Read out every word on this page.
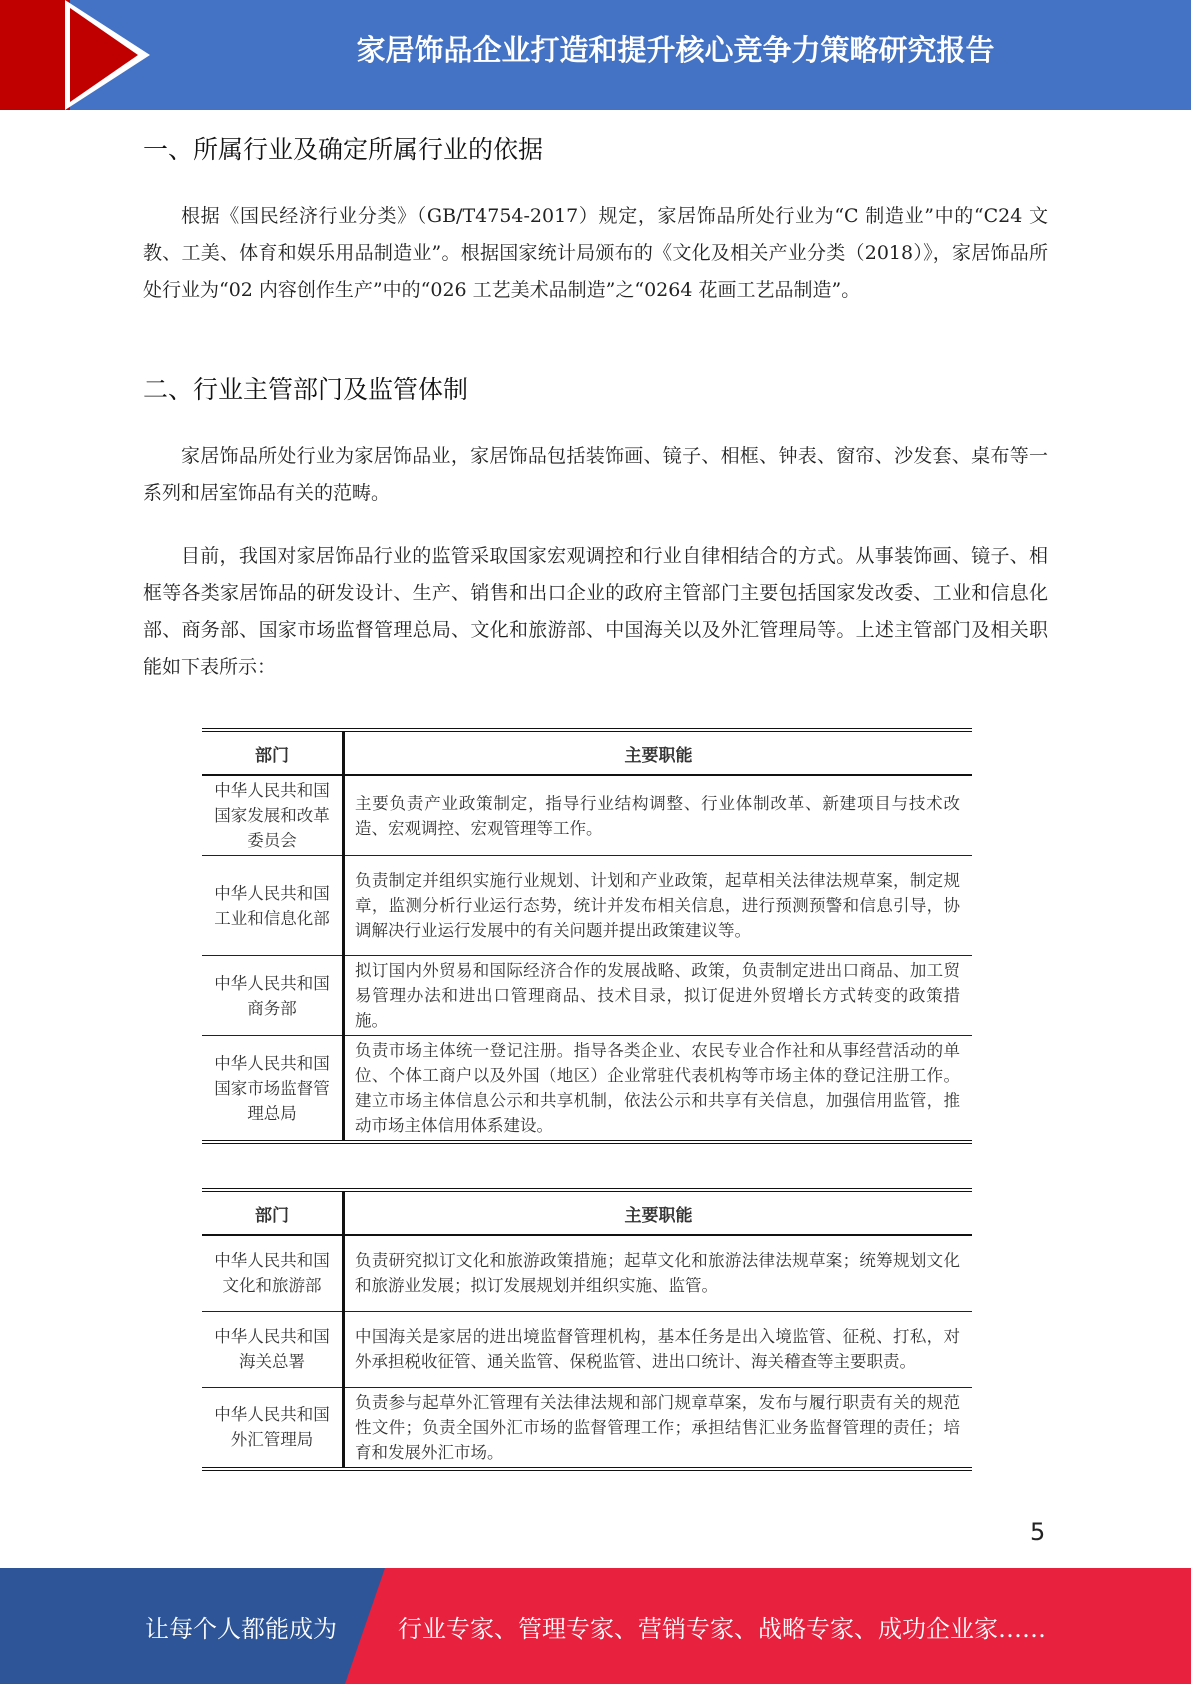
家居饰品企业打造和提升核心竞争力策略研究报告
一、所属行业及确定所属行业的依据

根据《国民经济行业分类》（GB/T4754-2017）规定，家居饰品所处行业为“C 制造业”中的“C24 文教、工美、体育和娱乐用品制造业”。根据国家统计局颁布的《文化及相关产业分类（2018）》，家居饰品所处行业为“02 内容创作生产”中的“026 工艺美术品制造”之“0264 花画工艺品制造”。

二、行业主管部门及监管体制

家居饰品所处行业为家居饰品业，家居饰品包括装饰画、镜子、相框、钟表、窗帘、沙发套、桌布等一系列和居室饰品有关的范畴。

目前，我国对家居饰品行业的监管采取国家宏观调控和行业自律相结合的方式。从事装饰画、镜子、相框等各类家居饰品的研发设计、生产、销售和出口企业的政府主管部门主要包括国家发改委、工业和信息化部、商务部、国家市场监督管理总局、文化和旅游部、中国海关以及外汇管理局等。上述主管部门及相关职能如下表所示：

部门	主要职能
中华人民共和国国家发展和改革委员会	主要负责产业政策制定，指导行业结构调整、行业体制改革、新建项目与技术改造、宏观调控、宏观管理等工作。
中华人民共和国工业和信息化部	负责制定并组织实施行业规划、计划和产业政策，起草相关法律法规草案，制定规章，监测分析行业运行态势，统计并发布相关信息，进行预测预警和信息引导，协调解决行业运行发展中的有关问题并提出政策建议等。
中华人民共和国商务部	拟订国内外贸易和国际经济合作的发展战略、政策，负责制定进出口商品、加工贸易管理办法和进出口管理商品、技术目录，拟订促进外贸增长方式转变的政策措施。
中华人民共和国国家市场监督管理总局	负责市场主体统一登记注册。指导各类企业、农民专业合作社和从事经营活动的单位、个体工商户以及外国（地区）企业常驻代表机构等市场主体的登记注册工作。建立市场主体信息公示和共享机制，依法公示和共享有关信息，加强信用监管，推动市场主体信用体系建设。
部门	主要职能
中华人民共和国文化和旅游部	负责研究拟订文化和旅游政策措施；起草文化和旅游法律法规草案；统筹规划文化和旅游业发展；拟订发展规划并组织实施、监管。
中华人民共和国海关总署	中国海关是家居的进出境监督管理机构，基本任务是出入境监管、征税、打私，对外承担税收征管、通关监管、保税监管、进出口统计、海关稽查等主要职责。
中华人民共和国外汇管理局	负责参与起草外汇管理有关法律法规和部门规章草案，发布与履行职责有关的规范性文件；负责全国外汇市场的监督管理工作；承担结售汇业务监督管理的责任；培育和发展外汇市场。
5
让每个人都能成为	行业专家、管理专家、营销专家、战略专家、成功企业家……
